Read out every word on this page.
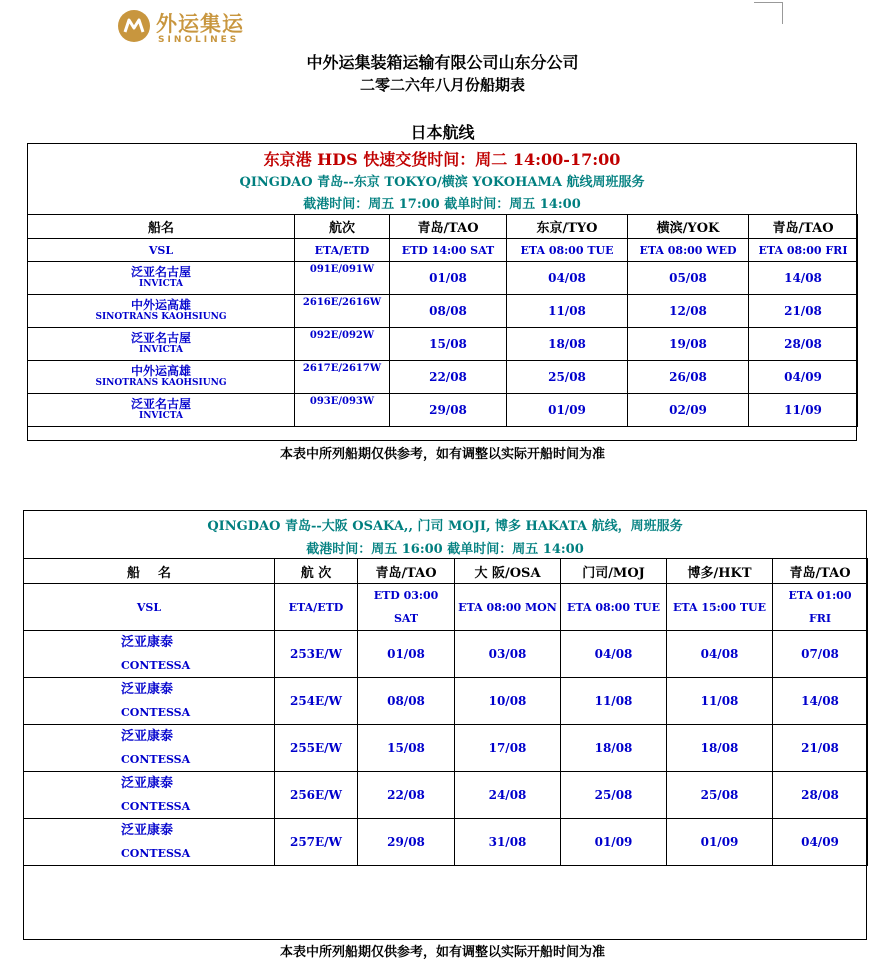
外运集运
SINOLINES
中外运集装箱运输有限公司山东分公司
二零二六年八月份船期表
日本航线
东京港 HDS 快速交货时间：周二 14:00-17:00
QINGDAO 青岛--东京 TOKYO/横滨 YOKOHAMA 航线周班服务
截港时间：周五 17:00 截单时间：周五 14:00
船名	航次	青岛/TAO	东京/TYO	横滨/YOK	青岛/TAO
VSL	ETA/ETD	ETD 14:00 SAT	ETA 08:00 TUE	ETA 08:00 WED	ETA 08:00 FRI

泛亚名古屋
INVICTA	091E/091W	01/08	04/08	05/08	14/08

中外运高雄
SINOTRANS KAOHSIUNG	2616E/2616W	08/08	11/08	12/08	21/08

泛亚名古屋
INVICTA	092E/092W	15/08	18/08	19/08	28/08

中外运高雄
SINOTRANS KAOHSIUNG	2617E/2617W	22/08	25/08	26/08	04/09

泛亚名古屋
INVICTA	093E/093W	29/08	01/09	02/09	11/09
本表中所列船期仅供参考，如有调整以实际开船时间为准
QINGDAO 青岛--大阪 OSAKA,, 门司 MOJI, 博多 HAKATA 航线，周班服务
截港时间：周五 16:00 截单时间：周五 14:00
船    名	航 次	青岛/TAO	大 阪/OSA	门司/MOJ	博多/HKT	青岛/TAO
VSL	ETA/ETD	ETD 03:00 SAT	ETA 08:00 MON	ETA 08:00 TUE	ETA 15:00 TUE	ETA 01:00 FRI

泛亚康泰
CONTESSA	253E/W	01/08	03/08	04/08	04/08	07/08

泛亚康泰
CONTESSA	254E/W	08/08	10/08	11/08	11/08	14/08

泛亚康泰
CONTESSA	255E/W	15/08	17/08	18/08	18/08	21/08

泛亚康泰
CONTESSA	256E/W	22/08	24/08	25/08	25/08	28/08

泛亚康泰
CONTESSA	257E/W	29/08	31/08	01/09	01/09	04/09
本表中所列船期仅供参考，如有调整以实际开船时间为准
